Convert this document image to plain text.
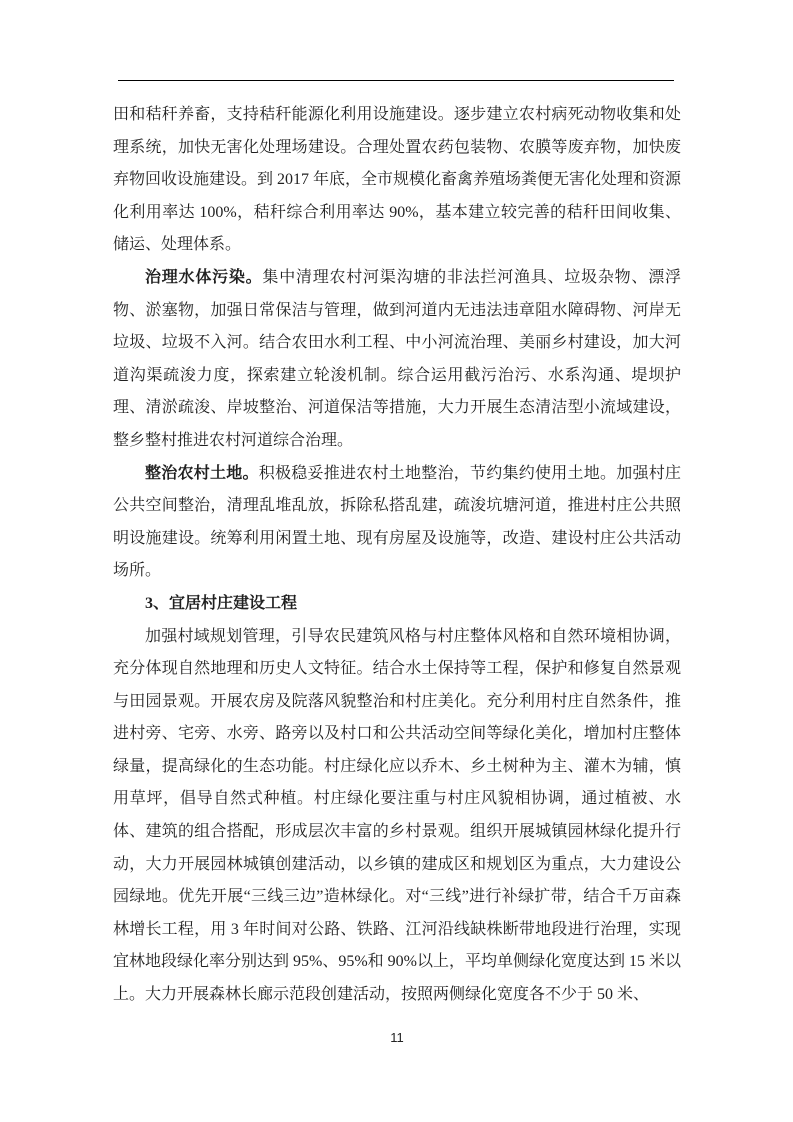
田和秸秆养畜，支持秸秆能源化利用设施建设。逐步建立农村病死动物收集和处理系统，加快无害化处理场建设。合理处置农药包装物、农膜等废弃物，加快废弃物回收设施建设。到 2017 年底，全市规模化畜禽养殖场粪便无害化处理和资源化利用率达 100%，秸秆综合利用率达 90%，基本建立较完善的秸秆田间收集、储运、处理体系。

治理水体污染。集中清理农村河渠沟塘的非法拦河渔具、垃圾杂物、漂浮物、淤塞物，加强日常保洁与管理，做到河道内无违法违章阻水障碍物、河岸无垃圾、垃圾不入河。结合农田水利工程、中小河流治理、美丽乡村建设，加大河道沟渠疏浚力度，探索建立轮浚机制。综合运用截污治污、水系沟通、堤坝护理、清淤疏浚、岸坡整治、河道保洁等措施，大力开展生态清洁型小流域建设，整乡整村推进农村河道综合治理。

整治农村土地。积极稳妥推进农村土地整治，节约集约使用土地。加强村庄公共空间整治，清理乱堆乱放，拆除私搭乱建，疏浚坑塘河道，推进村庄公共照明设施建设。统筹利用闲置土地、现有房屋及设施等，改造、建设村庄公共活动场所。

3、宜居村庄建设工程

加强村域规划管理，引导农民建筑风格与村庄整体风格和自然环境相协调，充分体现自然地理和历史人文特征。结合水土保持等工程，保护和修复自然景观与田园景观。开展农房及院落风貌整治和村庄美化。充分利用村庄自然条件，推进村旁、宅旁、水旁、路旁以及村口和公共活动空间等绿化美化，增加村庄整体绿量，提高绿化的生态功能。村庄绿化应以乔木、乡土树种为主、灌木为辅，慎用草坪，倡导自然式种植。村庄绿化要注重与村庄风貌相协调，通过植被、水体、建筑的组合搭配，形成层次丰富的乡村景观。组织开展城镇园林绿化提升行动，大力开展园林城镇创建活动，以乡镇的建成区和规划区为重点，大力建设公园绿地。优先开展“三线三边”造林绿化。对“三线”进行补绿扩带，结合千万亩森林增长工程，用 3 年时间对公路、铁路、江河沿线缺株断带地段进行治理，实现宜林地段绿化率分别达到 95%、95%和 90%以上，平均单侧绿化宽度达到 15 米以上。大力开展森林长廊示范段创建活动，按照两侧绿化宽度各不少于 50 米、

11
